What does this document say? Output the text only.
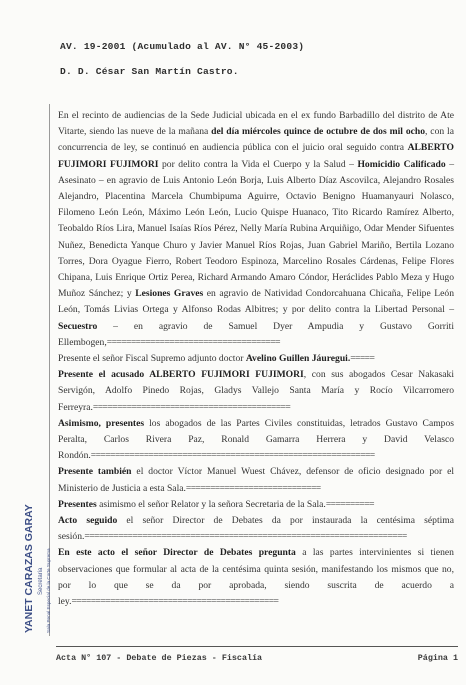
AV. 19-2001 (Acumulado al AV. N° 45-2003)
D. D. César San Martín Castro.

En el recinto de audiencias de la Sede Judicial ubicada en el ex fundo Barbadillo del distrito de Ate Vitarte, siendo las nueve de la mañana del día miércoles quince de octubre de dos mil ocho, con la concurrencia de ley, se continuó en audiencia pública con el juicio oral seguido contra ALBERTO FUJIMORI FUJIMORI por delito contra la Vida el Cuerpo y la Salud – Homicidio Calificado – Asesinato – en agravio de Luis Antonio León Borja, Luis Alberto Díaz Ascovilca, Alejandro Rosales Alejandro, Placentina Marcela Chumbipuma Aguirre, Octavio Benigno Huamanyauri Nolasco, Filomeno León León, Máximo León León, Lucio Quispe Huanaco, Tito Ricardo Ramírez Alberto, Teobaldo Ríos Lira, Manuel Isaías Ríos Pérez, Nelly María Rubina Arquiñigo, Odar Mender Sifuentes Nuñez, Benedicta Yanque Churo y Javier Manuel Ríos Rojas, Juan Gabriel Mariño, Bertila Lozano Torres, Dora Oyague Fierro, Robert Teodoro Espinoza, Marcelino Rosales Cárdenas, Felipe Flores Chipana, Luis Enrique Ortiz Perea, Richard Armando Amaro Cóndor, Heráclides Pablo Meza y Hugo Muñoz Sánchez; y Lesiones Graves en agravio de Natividad Condorcahuana Chicaña, Felipe León León, Tomás Livias Ortega y Alfonso Rodas Albitres; y por delito contra la Libertad Personal – Secuestro – en agravio de Samuel Dyer Ampudia y Gustavo Gorriti Ellembogen,====================================

Presente el señor Fiscal Supremo adjunto doctor Avelino Guillen Jáuregui.=====

Presente el acusado ALBERTO FUJIMORI FUJIMORI, con sus abogados Cesar Nakasaki Servigón, Adolfo Pinedo Rojas, Gladys Vallejo Santa María y Rocío Vilcarromero Ferreyra.=========================================

Asimismo, presentes los abogados de las Partes Civiles constituidas, letrados Gustavo Campos Peralta, Carlos Rivera Paz, Ronald Gamarra Herrera y David Velasco Rondón.===========================================================

Presente también el doctor Víctor Manuel Wuest Chávez, defensor de oficio designado por el Ministerio de Justicia a esta Sala.============================

Presentes asimismo el señor Relator y la señora Secretaria de la Sala.==========

Acto seguido el señor Director de Debates da por instaurada la centésima séptima sesión.===================================================================

En este acto el señor Director de Debates pregunta a las partes intervinientes si tienen observaciones que formular al acta de la centésima quinta sesión, manifestando los mismos que no, por lo que se da por aprobada, siendo suscrita de acuerdo a ley.===========================================

YANET CARAZAS GARAY Secretaria Sala Penal Especial de la Corte Suprema
Acta N° 107 - Debate de Piezas - Fiscalía	Página 1
